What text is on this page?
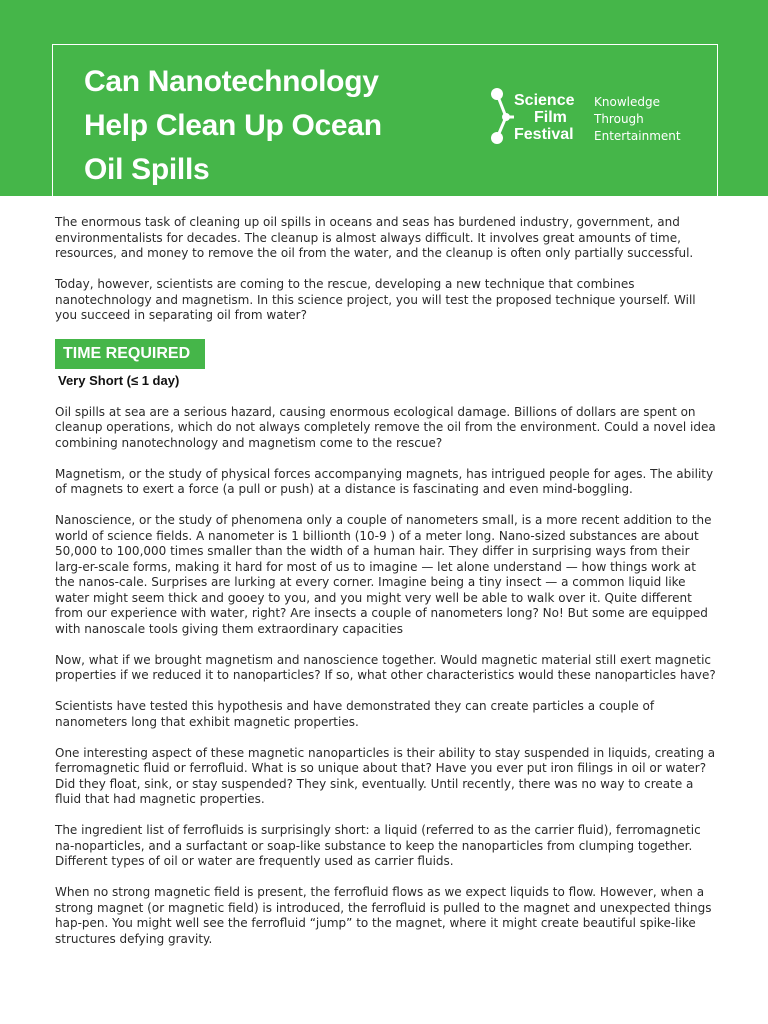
Can Nanotechnology
Help Clean Up Ocean
Oil Spills
Science
Film
Festival
Knowledge
Through
Entertainment

The enormous task of cleaning up oil spills in oceans and seas has burdened industry, government, and environmentalists for decades. The cleanup is almost always difficult. It involves great amounts of time, resources, and money to remove the oil from the water, and the cleanup is often only partially successful.

Today, however, scientists are coming to the rescue, developing a new technique that combines nanotechnology and magnetism. In this science project, you will test the proposed technique yourself. Will you succeed in separating oil from water?

TIME REQUIRED
Very Short (≤ 1 day)

Oil spills at sea are a serious hazard, causing enormous ecological damage. Billions of dollars are spent on cleanup operations, which do not always completely remove the oil from the environment. Could a novel idea combining nanotechnology and magnetism come to the rescue?

Magnetism, or the study of physical forces accompanying magnets, has intrigued people for ages. The ability of magnets to exert a force (a pull or push) at a distance is fascinating and even mind-boggling.

Nanoscience, or the study of phenomena only a couple of nanometers small, is a more recent addition to the world of science fields. A nanometer is 1 billionth (10-9 ) of a meter long. Nano-sized substances are about 50,000 to 100,000 times smaller than the width of a human hair. They differ in surprising ways from their larg-er-scale forms, making it hard for most of us to imagine — let alone understand — how things work at the nanos-cale. Surprises are lurking at every corner. Imagine being a tiny insect — a common liquid like water might seem thick and gooey to you, and you might very well be able to walk over it. Quite different from our experience with water, right? Are insects a couple of nanometers long? No! But some are equipped with nanoscale tools giving them extraordinary capacities

Now, what if we brought magnetism and nanoscience together. Would magnetic material still exert magnetic properties if we reduced it to nanoparticles? If so, what other characteristics would these nanoparticles have?

Scientists have tested this hypothesis and have demonstrated they can create particles a couple of nanometers long that exhibit magnetic properties.

One interesting aspect of these magnetic nanoparticles is their ability to stay suspended in liquids, creating a ferromagnetic fluid or ferrofluid. What is so unique about that? Have you ever put iron filings in oil or water? Did they float, sink, or stay suspended? They sink, eventually. Until recently, there was no way to create a fluid that had magnetic properties.

The ingredient list of ferrofluids is surprisingly short: a liquid (referred to as the carrier fluid), ferromagnetic na-noparticles, and a surfactant or soap-like substance to keep the nanoparticles from clumping together. Different types of oil or water are frequently used as carrier fluids.

When no strong magnetic field is present, the ferrofluid flows as we expect liquids to flow. However, when a strong magnet (or magnetic field) is introduced, the ferrofluid is pulled to the magnet and unexpected things hap-pen. You might well see the ferrofluid “jump” to the magnet, where it might create beautiful spike-like structures defying gravity.
